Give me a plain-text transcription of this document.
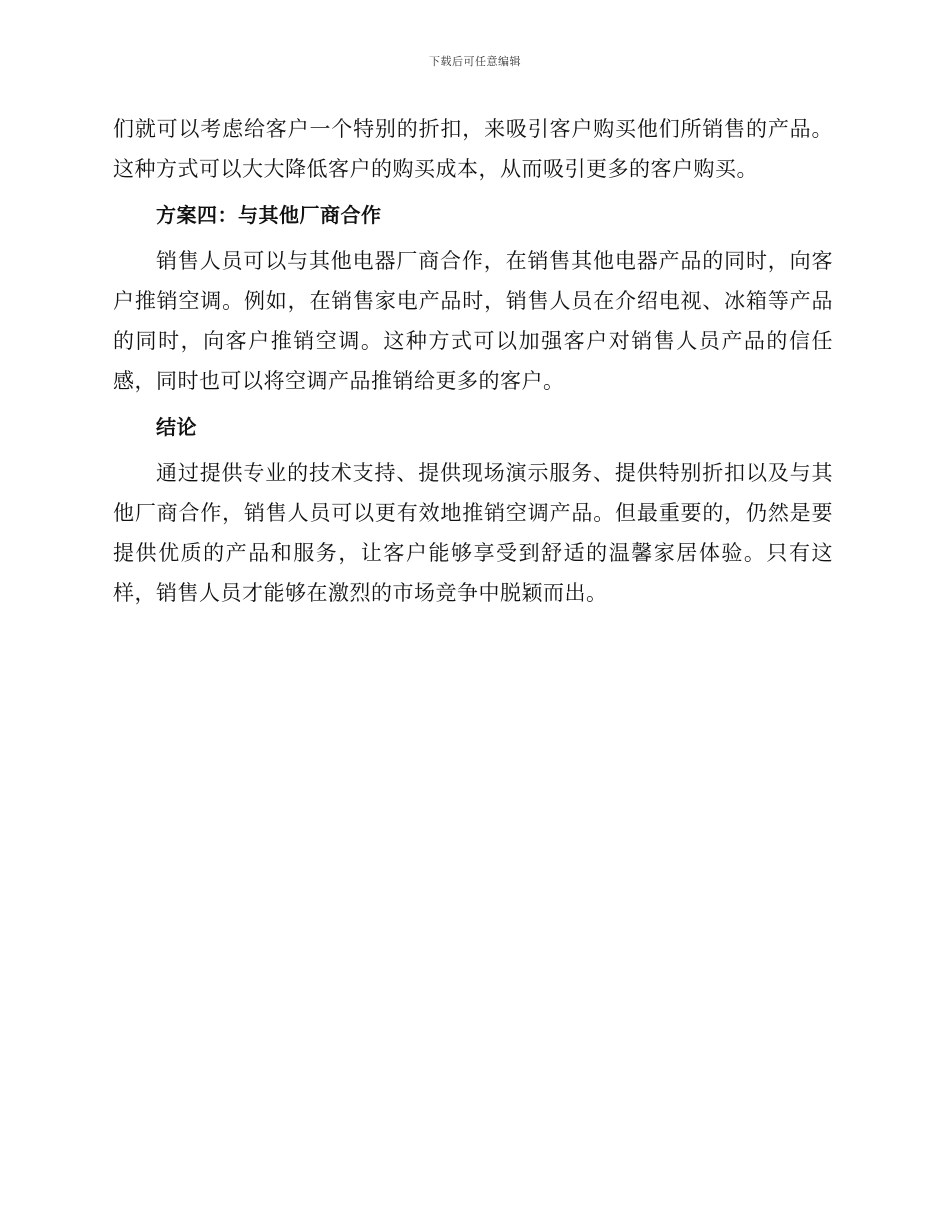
下载后可任意编辑

们就可以考虑给客户一个特别的折扣，来吸引客户购买他们所销售的产品。这种方式可以大大降低客户的购买成本，从而吸引更多的客户购买。

方案四：与其他厂商合作

销售人员可以与其他电器厂商合作，在销售其他电器产品的同时，向客户推销空调。例如，在销售家电产品时，销售人员在介绍电视、冰箱等产品的同时，向客户推销空调。这种方式可以加强客户对销售人员产品的信任感，同时也可以将空调产品推销给更多的客户。

结论

通过提供专业的技术支持、提供现场演示服务、提供特别折扣以及与其他厂商合作，销售人员可以更有效地推销空调产品。但最重要的，仍然是要提供优质的产品和服务，让客户能够享受到舒适的温馨家居体验。只有这样，销售人员才能够在激烈的市场竞争中脱颖而出。
